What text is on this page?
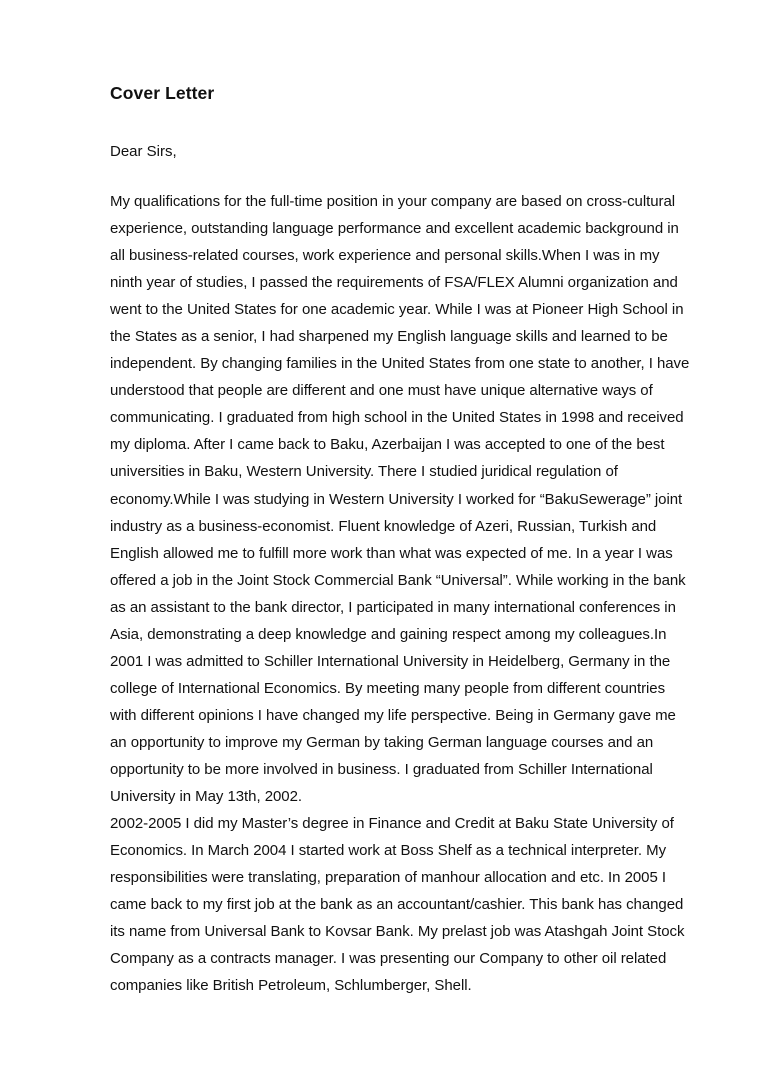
Cover Letter
Dear Sirs,
My qualifications for the full-time position in your company are based on cross-cultural
experience, outstanding language performance and excellent academic background in
all business-related courses, work experience and personal skills.When I was in my
ninth year of studies, I passed the requirements of FSA/FLEX Alumni organization and
went to the United States for one academic year. While I was at Pioneer High School in
the States as a senior, I had sharpened my English language skills and learned to be
independent. By changing families in the United States from one state to another, I have
understood that people are different and one must have unique alternative ways of
communicating. I graduated from high school in the United States in 1998 and received
my diploma. After I came back to Baku, Azerbaijan I was accepted to one of the best
universities in Baku, Western University. There I studied juridical regulation of
economy.While I was studying in Western University I worked for “BakuSewerage” joint
industry as a business-economist. Fluent knowledge of Azeri, Russian, Turkish and
English allowed me to fulfill more work than what was expected of me. In a year I was
offered a job in the Joint Stock Commercial Bank “Universal”. While working in the bank
as an assistant to the bank director, I participated in many international conferences in
Asia, demonstrating a deep knowledge and gaining respect among my colleagues.In
2001 I was admitted to Schiller International University in Heidelberg, Germany in the
college of International Economics. By meeting many people from different countries
with different opinions I have changed my life perspective. Being in Germany gave me
an opportunity to improve my German by taking German language courses and an
opportunity to be more involved in business. I graduated from Schiller International
University in May 13th, 2002.
2002-2005 I did my Master’s degree in Finance and Credit at Baku State University of
Economics. In March 2004 I started work at Boss Shelf as a technical interpreter. My
responsibilities were translating, preparation of manhour allocation and etc. In 2005 I
came back to my first job at the bank as an accountant/cashier. This bank has changed
its name from Universal Bank to Kovsar Bank. My prelast job was Atashgah Joint Stock
Company as a contracts manager. I was presenting our Company to other oil related
companies like British Petroleum, Schlumberger, Shell.
